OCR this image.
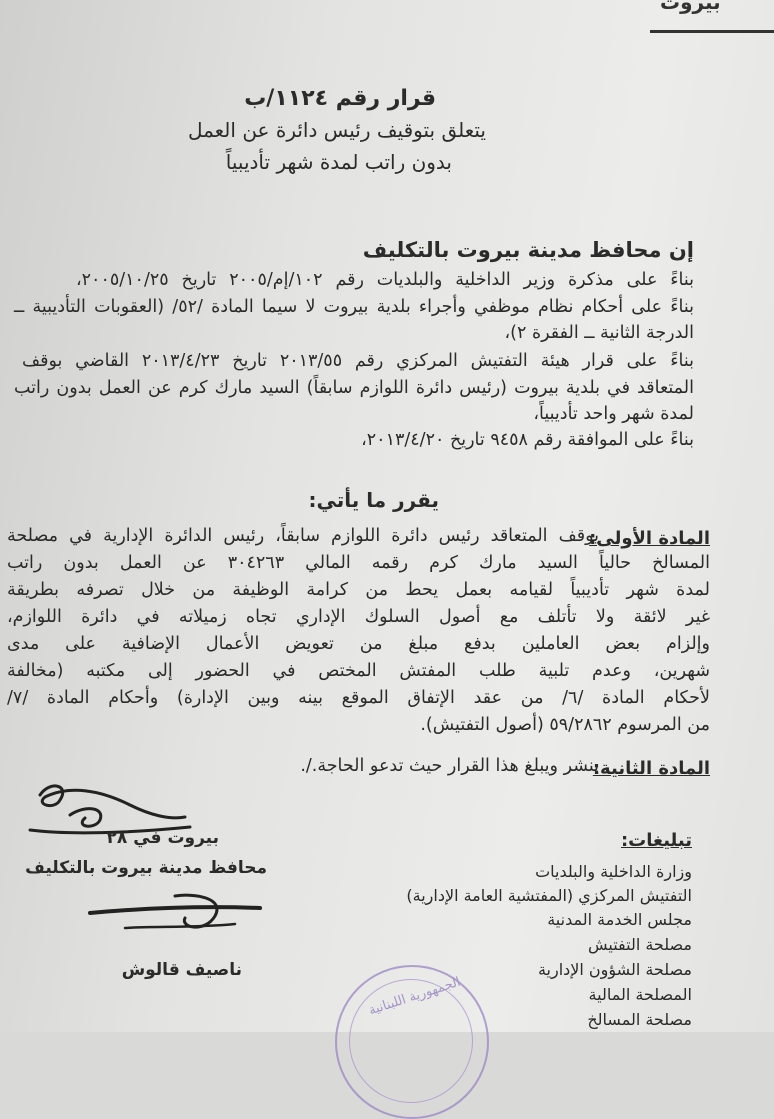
بيروت
قرار رقم ١١٢٤/ب
يتعلق بتوقيف رئيس دائرة عن العمل
بدون راتب لمدة شهر تأديبياً
إن محافظ مدينة بيروت بالتكليف
بناءً على مذكرة وزير الداخلية والبلديات رقم ١٠٢/إم/٢٠٠٥ تاريخ ٢٠٠٥/١٠/٢٥،
بناءً على أحكام نظام موظفي وأجراء بلدية بيروت لا سيما المادة /٥٢/ (العقوبات التأديبية ــ
الدرجة الثانية ــ الفقرة ٢)،
بناءً على قرار هيئة التفتيش المركزي رقم ٢٠١٣/٥٥ تاريخ ٢٠١٣/٤/٢٣ القاضي بوقف
المتعاقد في بلدية بيروت (رئيس دائرة اللوازم سابقاً) السيد مارك كرم عن العمل بدون راتب
لمدة شهر واحد تأديبياً،
بناءً على الموافقة رقم ٩٤٥٨ تاريخ ٢٠١٣/٤/٢٠،
يقرر ما يأتي:
المادة الأولى:
يوقف المتعاقد رئيس دائرة اللوازم سابقاً، رئيس الدائرة الإدارية في مصلحة
المسالخ حالياً السيد مارك كرم رقمه المالي ٣٠٤٢٦٣ عن العمل بدون راتب
لمدة شهر تأديبياً لقيامه بعمل يحط من كرامة الوظيفة من خلال تصرفه بطريقة
غير لائقة ولا تأتلف مع أصول السلوك الإداري تجاه زميلاته في دائرة اللوازم،
وإلزام بعض العاملين بدفع مبلغ من تعويض الأعمال الإضافية على مدى
شهرين، وعدم تلبية طلب المفتش المختص في الحضور إلى مكتبه (مخالفة
لأحكام المادة /٦/ من عقد الإتفاق الموقع بينه وبين الإدارة) وأحكام المادة /٧/
من المرسوم ٥٩/٢٨٦٢ (أصول التفتيش).
المادة الثانية:
ينشر ويبلغ هذا القرار حيث تدعو الحاجة./.
تبليغات:
وزارة الداخلية والبلديات
التفتيش المركزي (المفتشية العامة الإدارية)
مجلس الخدمة المدنية
مصلحة التفتيش
مصلحة الشؤون الإدارية
المصلحة المالية
مصلحة المسالخ
بيروت في ٢٨
محافظ مدينة بيروت بالتكليف
ناصيف قالوش
الجمهورية اللبنانية
